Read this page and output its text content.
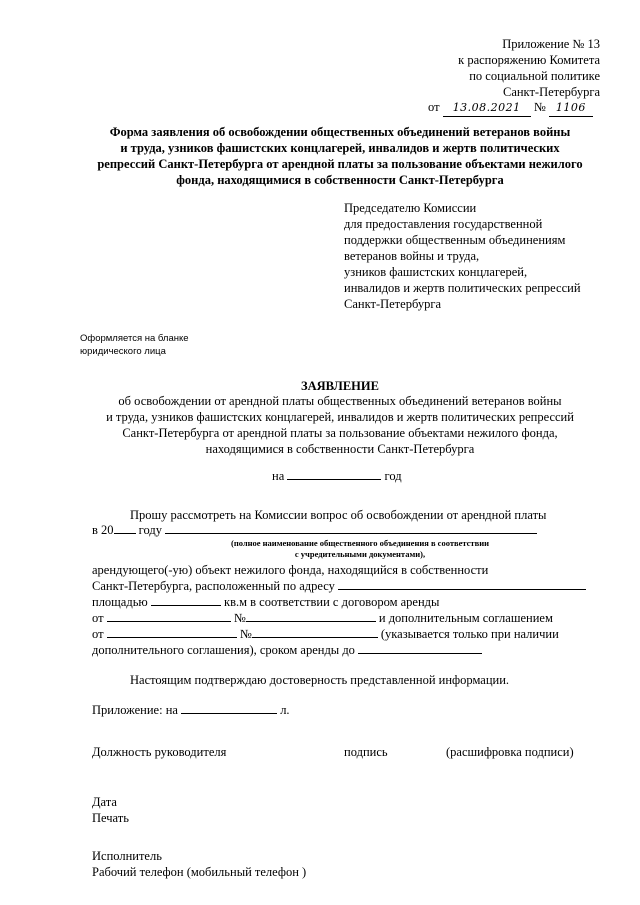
Приложение № 13
к распоряжению Комитета
по социальной политике
Санкт-Петербурга
от 13.08.2021 № 1106
Форма заявления об освобождении общественных объединений ветеранов войны
и труда, узников фашистских концлагерей, инвалидов и жертв политических
репрессий Санкт-Петербурга от арендной платы за пользование объектами нежилого
фонда, находящимися в собственности Санкт-Петербурга
Председателю Комиссии
для предоставления государственной
поддержки общественным объединениям
ветеранов войны и труда,
узников фашистских концлагерей,
инвалидов и жертв политических репрессий
Санкт-Петербурга
Оформляется на бланке
юридического лица
ЗАЯВЛЕНИЕ
об освобождении от арендной платы общественных объединений ветеранов войны
и труда, узников фашистских концлагерей, инвалидов и жертв политических репрессий
Санкт-Петербурга от арендной платы за пользование объектами нежилого фонда,
находящимися в собственности Санкт-Петербурга
на	год
Прошу рассмотреть на Комиссии вопрос об освобождении от арендной платы
в 20 году
(полное наименование общественного объединения в соответствии
с учредительными документами),
арендующего(-ую) объект нежилого фонда, находящийся в собственности
Санкт-Петербурга, расположенный по адресу
площадью	кв.м в соответствии с договором аренды
от	№	и дополнительным соглашением
от	№	(указывается только при наличии
дополнительного соглашения), сроком аренды до
Настоящим подтверждаю достоверность представленной информации.
Приложение: на	л.
Должность руководителя	подпись	(расшифровка подписи)
Дата
Печать
Исполнитель
Рабочий телефон (мобильный телефон )
